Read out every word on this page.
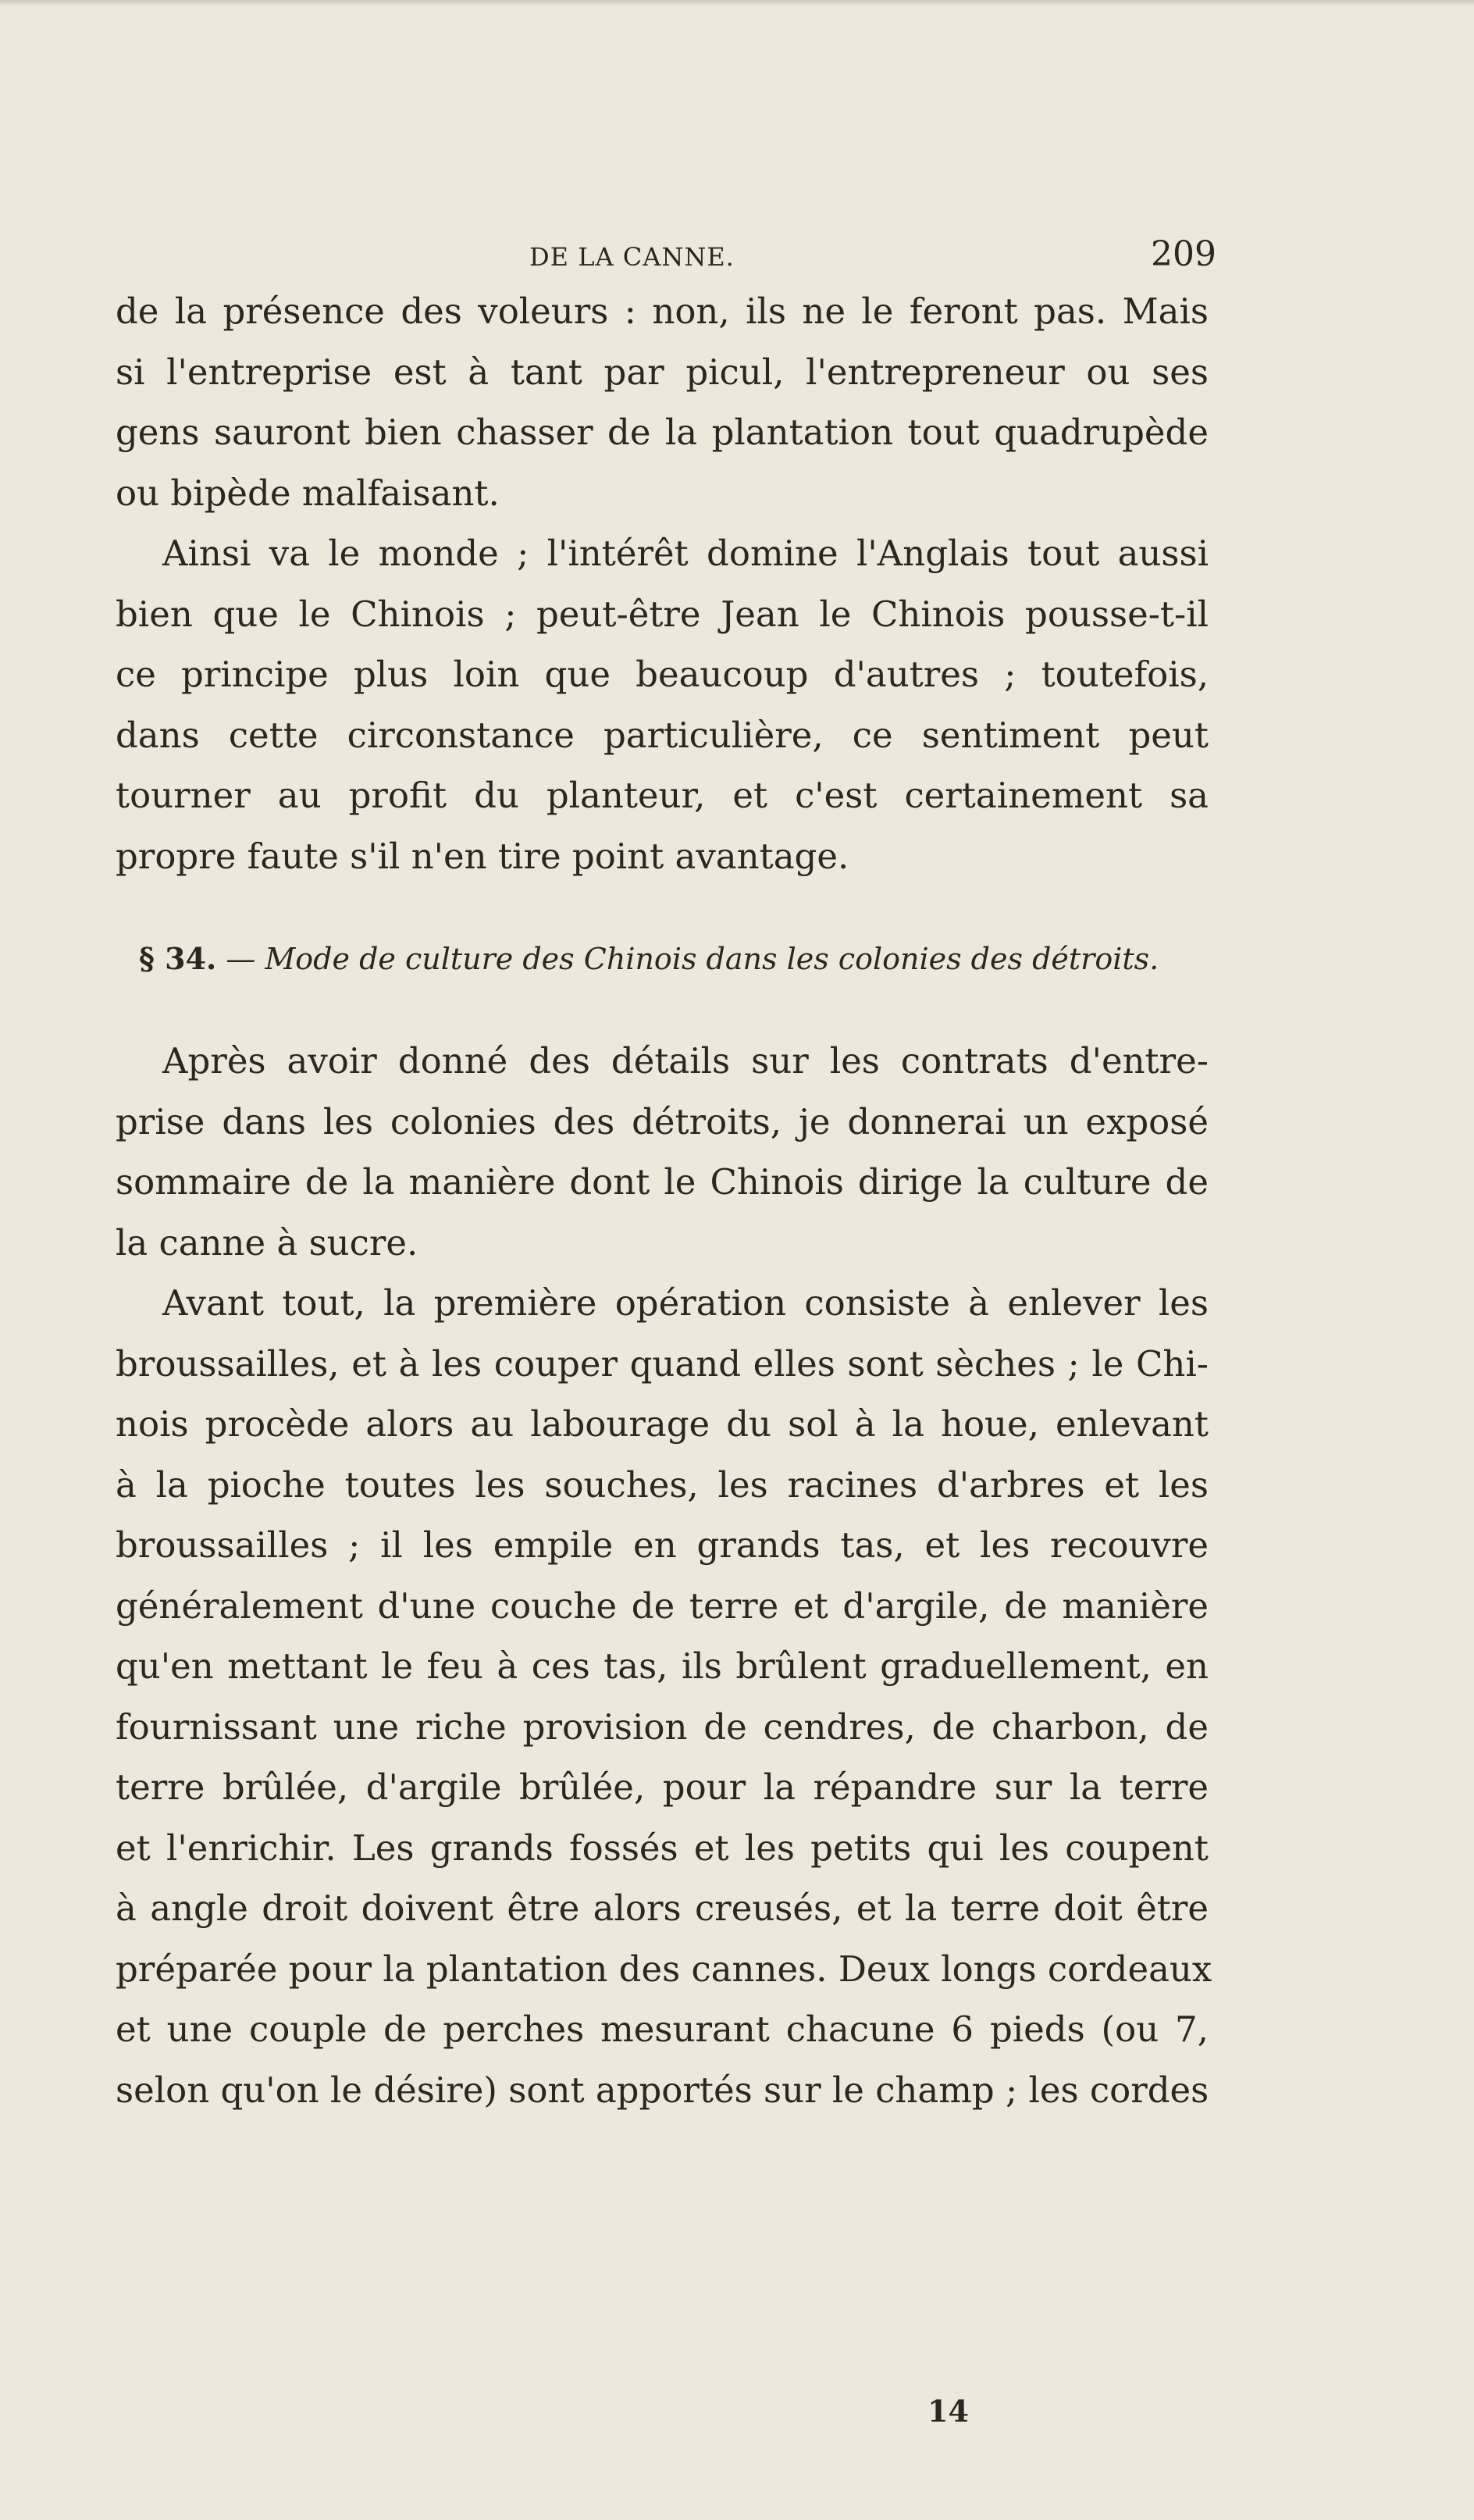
DE LA CANNE.	209

de la présence des voleurs : non, ils ne le feront pas. Mais
si l'entreprise est à tant par picul, l'entrepreneur ou ses
gens sauront bien chasser de la plantation tout quadrupède
ou bipède malfaisant.

Ainsi va le monde ; l'intérêt domine l'Anglais tout aussi
bien que le Chinois ; peut-être Jean le Chinois pousse-t-il
ce principe plus loin que beaucoup d'autres ; toutefois,
dans cette circonstance particulière, ce sentiment peut
tourner au profit du planteur, et c'est certainement sa
propre faute s'il n'en tire point avantage.

§ 34. — Mode de culture des Chinois dans les colonies des détroits.

Après avoir donné des détails sur les contrats d'entre-
prise dans les colonies des détroits, je donnerai un exposé
sommaire de la manière dont le Chinois dirige la culture de
la canne à sucre.

Avant tout, la première opération consiste à enlever les
broussailles, et à les couper quand elles sont sèches ; le Chi-
nois procède alors au labourage du sol à la houe, enlevant
à la pioche toutes les souches, les racines d'arbres et les
broussailles ; il les empile en grands tas, et les recouvre
généralement d'une couche de terre et d'argile, de manière
qu'en mettant le feu à ces tas, ils brûlent graduellement, en
fournissant une riche provision de cendres, de charbon, de
terre brûlée, d'argile brûlée, pour la répandre sur la terre
et l'enrichir. Les grands fossés et les petits qui les coupent
à angle droit doivent être alors creusés, et la terre doit être
préparée pour la plantation des cannes. Deux longs cordeaux
et une couple de perches mesurant chacune 6 pieds (ou 7,
selon qu'on le désire) sont apportés sur le champ ; les cordes

14
